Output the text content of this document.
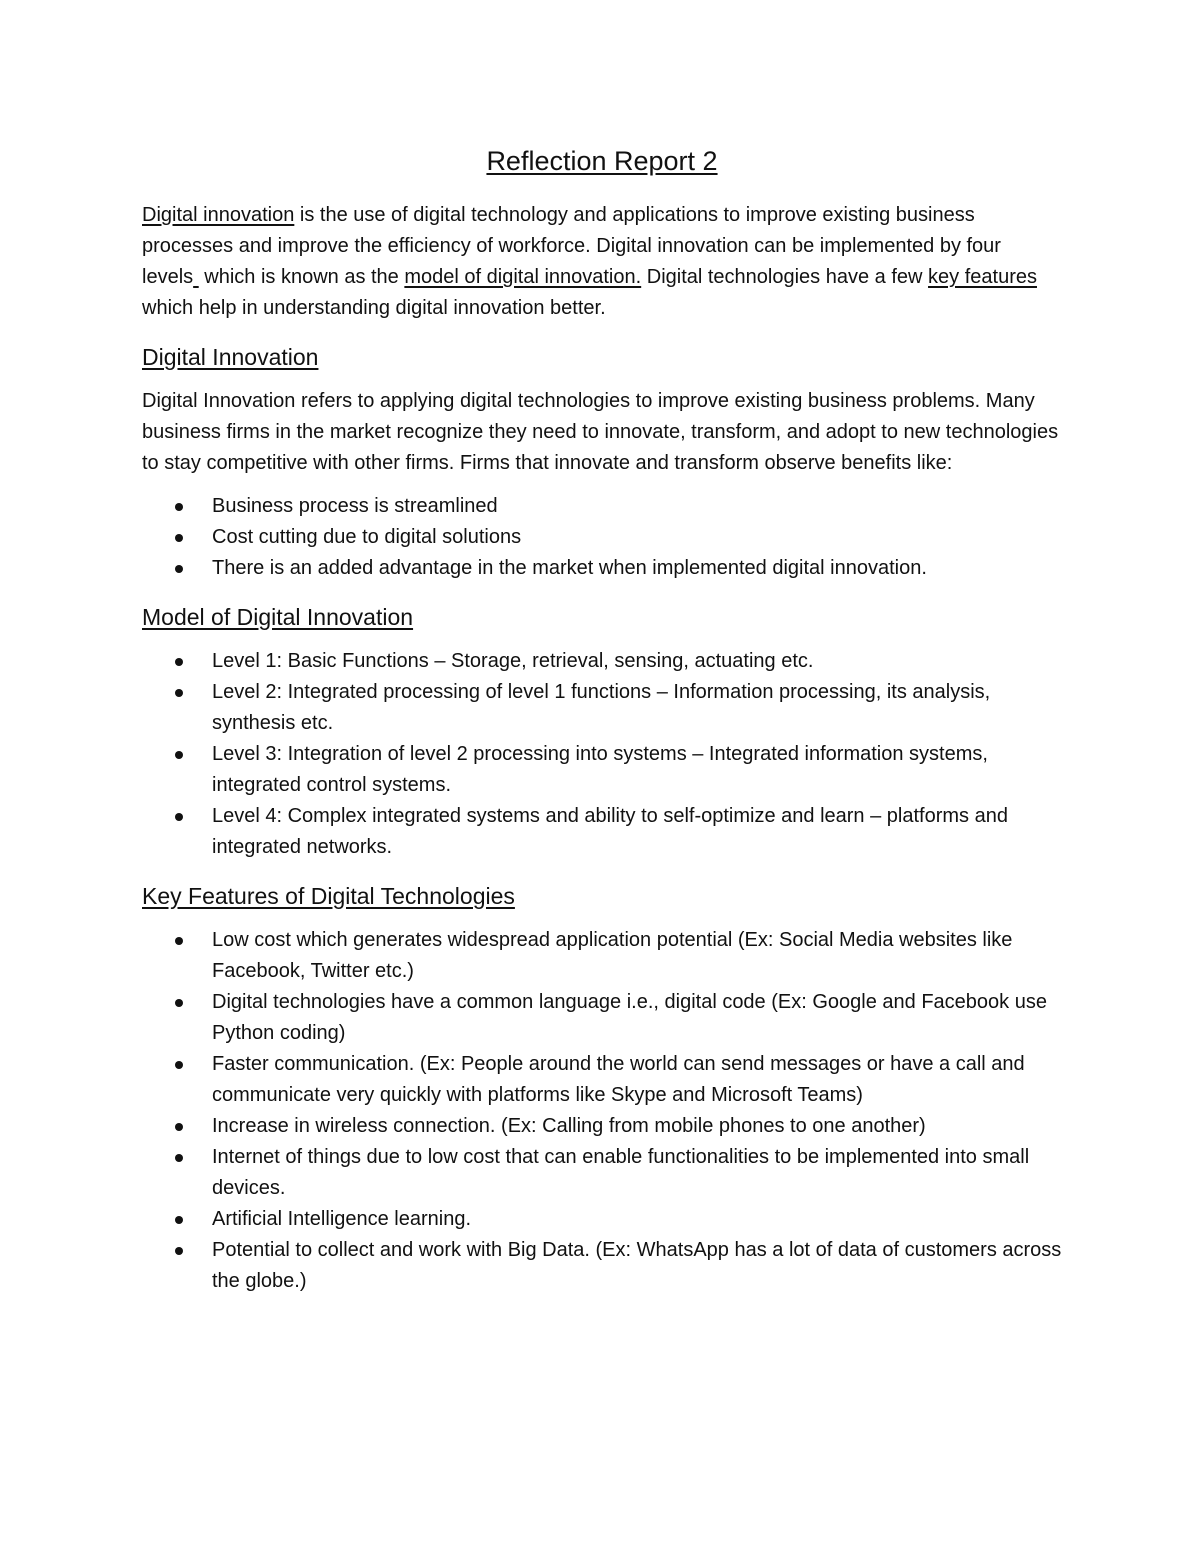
Reflection Report 2

Digital innovation is the use of digital technology and applications to improve existing business processes and improve the efficiency of workforce. Digital innovation can be implemented by four levels  which is known as the model of digital innovation. Digital technologies have a few key features which help in understanding digital innovation better.

Digital Innovation

Digital Innovation refers to applying digital technologies to improve existing business problems. Many business firms in the market recognize they need to innovate, transform, and adopt to new technologies to stay competitive with other firms. Firms that innovate and transform observe benefits like:

Business process is streamlined
Cost cutting due to digital solutions
There is an added advantage in the market when implemented digital innovation.
Model of Digital Innovation
Level 1: Basic Functions – Storage, retrieval, sensing, actuating etc.
Level 2: Integrated processing of level 1 functions – Information processing, its analysis, synthesis etc.
Level 3: Integration of level 2 processing into systems – Integrated information systems, integrated control systems.
Level 4: Complex integrated systems and ability to self-optimize and learn – platforms and integrated networks.
Key Features of Digital Technologies
Low cost which generates widespread application potential (Ex: Social Media websites like Facebook, Twitter etc.)
Digital technologies have a common language i.e., digital code (Ex: Google and Facebook use Python coding)
Faster communication. (Ex: People around the world can send messages or have a call and communicate very quickly with platforms like Skype and Microsoft Teams)
Increase in wireless connection. (Ex: Calling from mobile phones to one another)
Internet of things due to low cost that can enable functionalities to be implemented into small devices.
Artificial Intelligence learning.
Potential to collect and work with Big Data. (Ex: WhatsApp has a lot of data of customers across the globe.)
